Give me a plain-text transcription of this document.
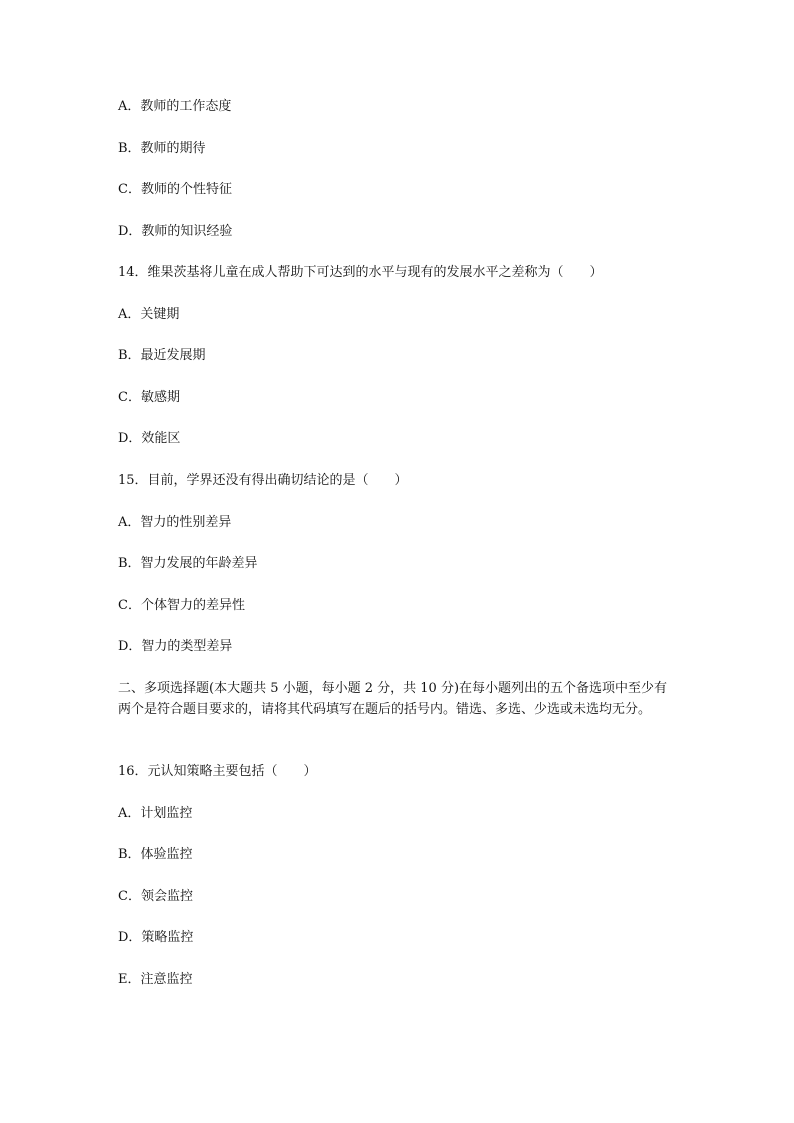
A．教师的工作态度
B．教师的期待
C．教师的个性特征
D．教师的知识经验
14．维果茨基将儿童在成人帮助下可达到的水平与现有的发展水平之差称为（　　）
A．关键期
B．最近发展期
C．敏感期
D．效能区
15．目前，学界还没有得出确切结论的是（　　）
A．智力的性别差异
B．智力发展的年龄差异
C．个体智力的差异性
D．智力的类型差异
二、多项选择题(本大题共 5 小题，每小题 2 分，共 10 分)在每小题列出的五个备选项中至少有两个是符合题目要求的，请将其代码填写在题后的括号内。错选、多选、少选或未选均无分。
16．元认知策略主要包括（　　）
A．计划监控
B．体验监控
C．领会监控
D．策略监控
E．注意监控
